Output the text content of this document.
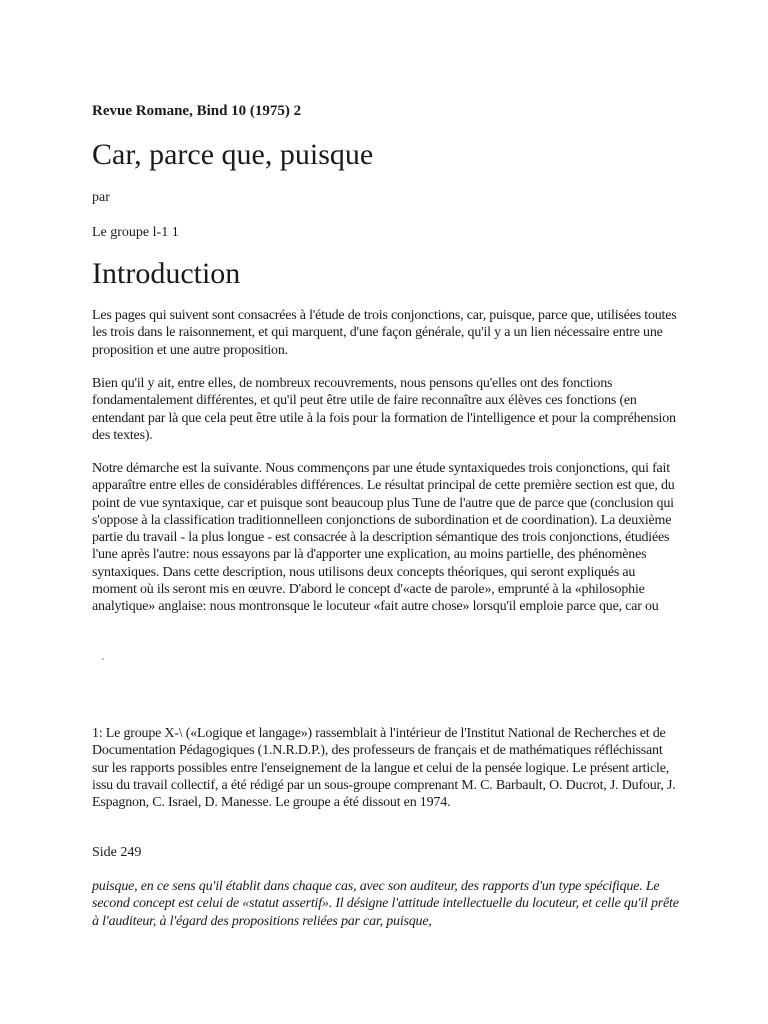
Revue Romane, Bind 10 (1975) 2
Car, parce que, puisque
par
Le groupe l-1 1
Introduction

Les pages qui suivent sont consacrées à l'étude de trois conjonctions, car, puisque, parce que, utilisées toutes les trois dans le raisonnement, et qui marquent, d'une façon générale, qu'il y a un lien nécessaire entre une proposition et une autre proposition.

Bien qu'il y ait, entre elles, de nombreux recouvrements, nous pensons qu'elles ont des fonctions fondamentalement différentes, et qu'il peut être utile de faire reconnaître aux élèves ces fonctions (en entendant par là que cela peut être utile à la fois pour la formation de l'intelligence et pour la compréhension des textes).

Notre démarche est la suivante. Nous commençons par une étude syntaxiquedes trois conjonctions, qui fait apparaître entre elles de considérables différences. Le résultat principal de cette première section est que, du point de vue syntaxique, car et puisque sont beaucoup plus Tune de l'autre que de parce que (conclusion qui s'oppose à la classification traditionnelleen conjonctions de subordination et de coordination). La deuxième partie du travail - la plus longue - est consacrée à la description sémantique des trois conjonctions, étudiées l'une après l'autre: nous essayons par là d'apporter une explication, au moins partielle, des phénomènes syntaxiques. Dans cette description, nous utilisons deux concepts théoriques, qui seront expliqués au moment où ils seront mis en œuvre. D'abord le concept d'«acte de parole», emprunté à la «philosophie analytique» anglaise: nous montronsque le locuteur «fait autre chose» lorsqu'il emploie parce que, car ou

1: Le groupe X-\ («Logique et langage») rassemblait à l'intérieur de l'Institut National de Recherches et de Documentation Pédagogiques (1.N.R.D.P.), des professeurs de français et de mathématiques réfléchissant sur les rapports possibles entre l'enseignement de la langue et celui de la pensée logique. Le présent article, issu du travail collectif, a été rédigé par un sous-groupe comprenant M. C. Barbault, O. Ducrot, J. Dufour, J. Espagnon, C. Israel, D. Manesse. Le groupe a été dissout en 1974.

Side 249

puisque, en ce sens qu'il établit dans chaque cas, avec son auditeur, des rapports d'un type spécifique. Le second concept est celui de «statut assertif». Il désigne l'attitude intellectuelle du locuteur, et celle qu'il prête à l'auditeur, à l'égard des propositions reliées par car, puisque,
